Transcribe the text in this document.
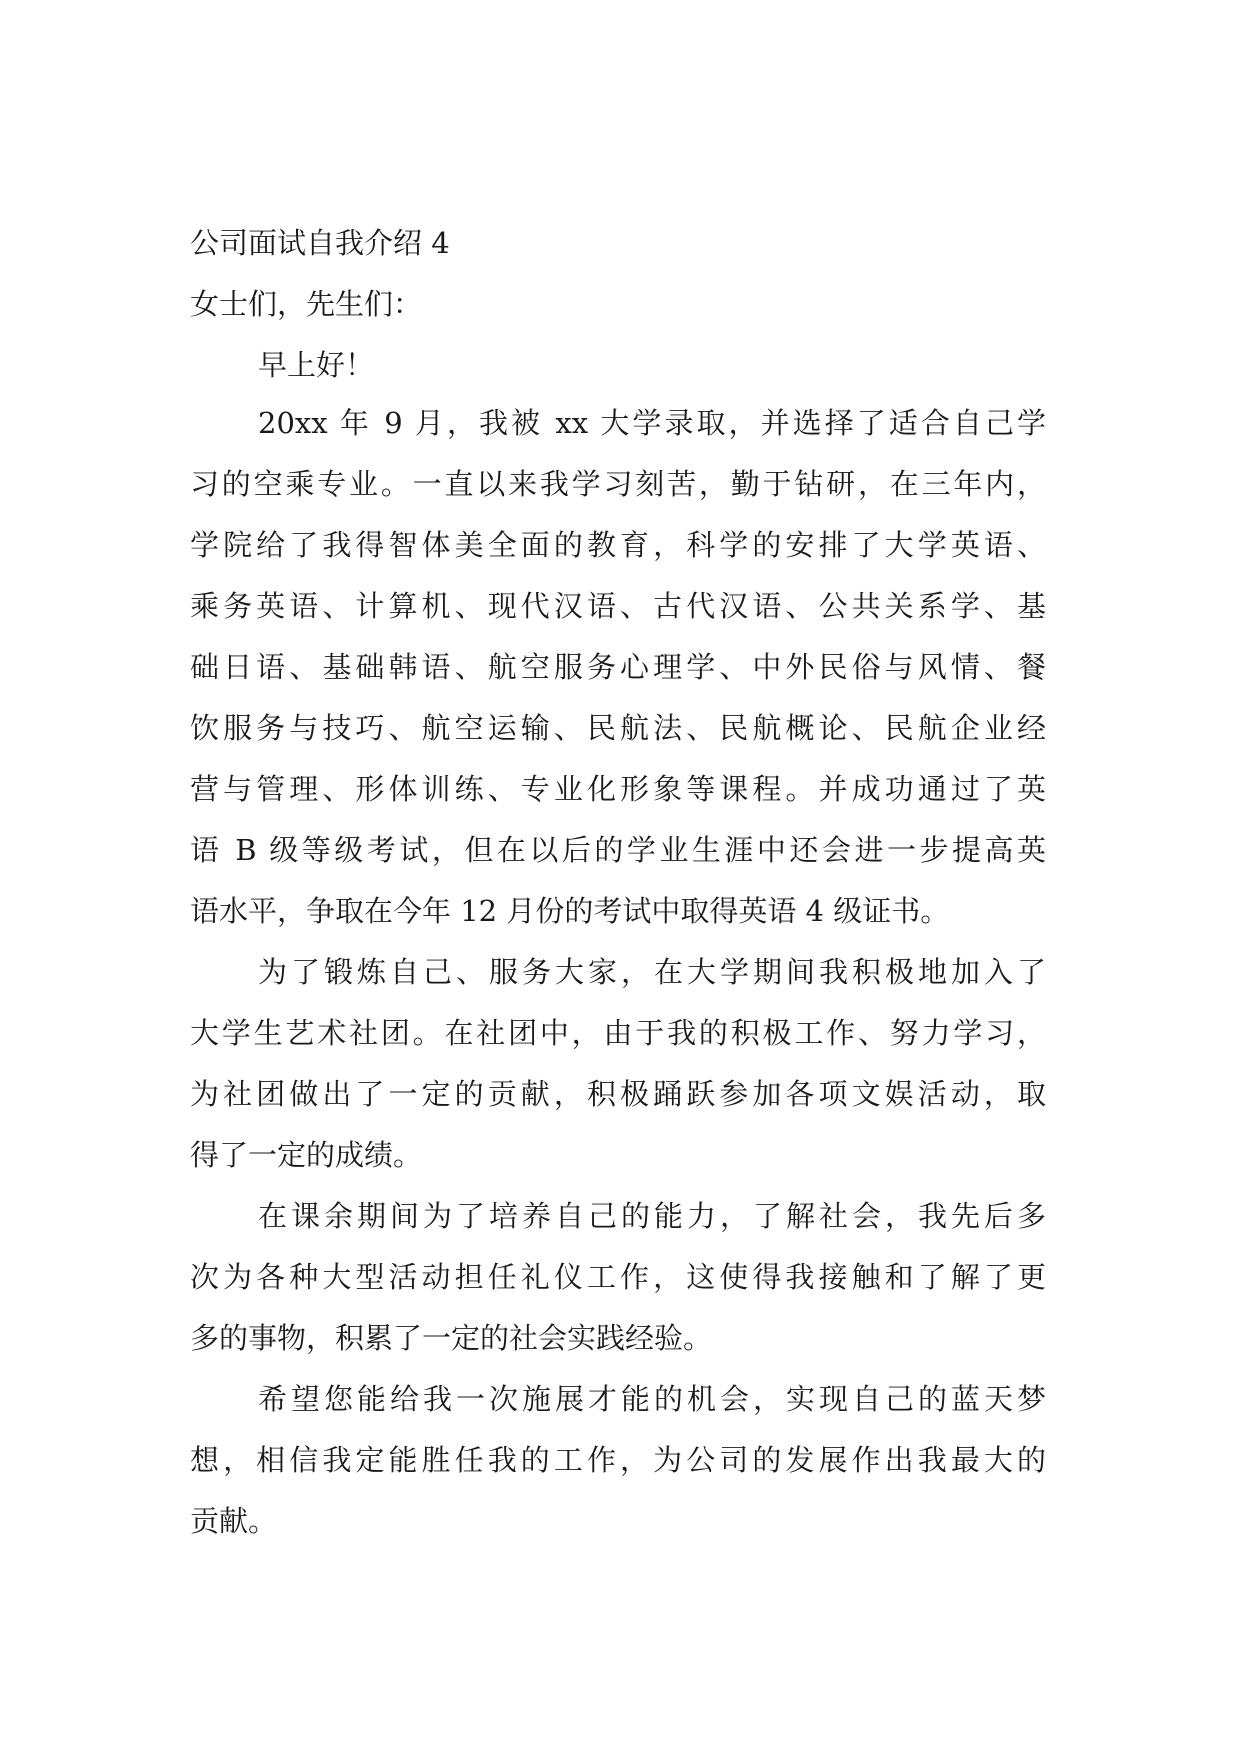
公司面试自我介绍 4

女士们，先生们：

早上好！

20xx 年 9 月，我被 xx 大学录取，并选择了适合自己学
习的空乘专业。一直以来我学习刻苦，勤于钻研，在三年内，
学院给了我得智体美全面的教育，科学的安排了大学英语、
乘务英语、计算机、现代汉语、古代汉语、公共关系学、基
础日语、基础韩语、航空服务心理学、中外民俗与风情、餐
饮服务与技巧、航空运输、民航法、民航概论、民航企业经
营与管理、形体训练、专业化形象等课程。并成功通过了英
语 B 级等级考试，但在以后的学业生涯中还会进一步提高英
语水平，争取在今年 12 月份的考试中取得英语 4 级证书。
为了锻炼自己、服务大家，在大学期间我积极地加入了
大学生艺术社团。在社团中，由于我的积极工作、努力学习，
为社团做出了一定的贡献，积极踊跃参加各项文娱活动，取
得了一定的成绩。
在课余期间为了培养自己的能力，了解社会，我先后多
次为各种大型活动担任礼仪工作，这使得我接触和了解了更
多的事物，积累了一定的社会实践经验。
希望您能给我一次施展才能的机会，实现自己的蓝天梦
想，相信我定能胜任我的工作，为公司的发展作出我最大的
贡献。
